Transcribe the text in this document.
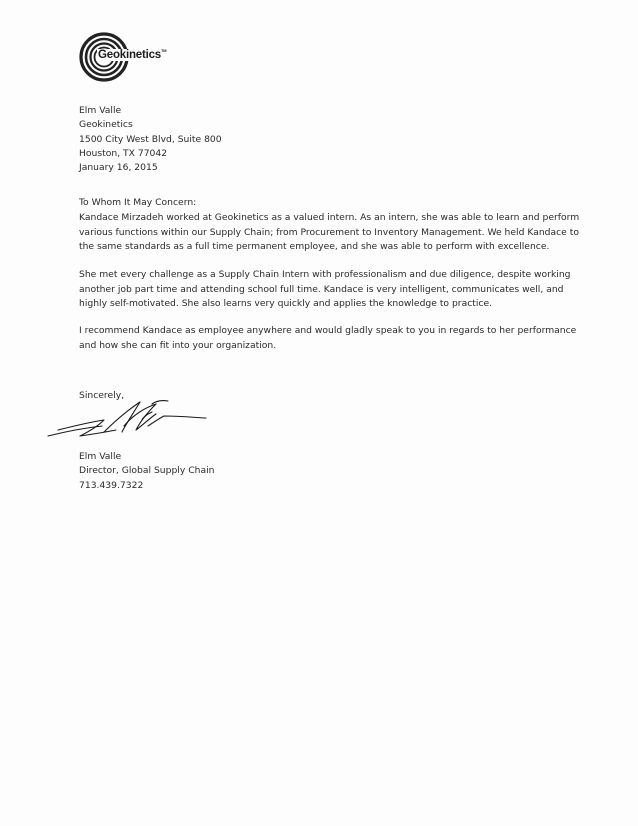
Geokinetics™
Elm Valle
Geokinetics
1500 City West Blvd, Suite 800
Houston, TX 77042
January 16, 2015
To Whom It May Concern:
Kandace Mirzadeh worked at Geokinetics as a valued intern. As an intern, she was able to learn and perform
various functions within our Supply Chain; from Procurement to Inventory Management. We held Kandace to
the same standards as a full time permanent employee, and she was able to perform with excellence.
She met every challenge as a Supply Chain Intern with professionalism and due diligence, despite working
another job part time and attending school full time. Kandace is very intelligent, communicates well, and
highly self-motivated. She also learns very quickly and applies the knowledge to practice.
I recommend Kandace as employee anywhere and would gladly speak to you in regards to her performance
and how she can fit into your organization.
Sincerely,
Elm Valle
Director, Global Supply Chain
713.439.7322
